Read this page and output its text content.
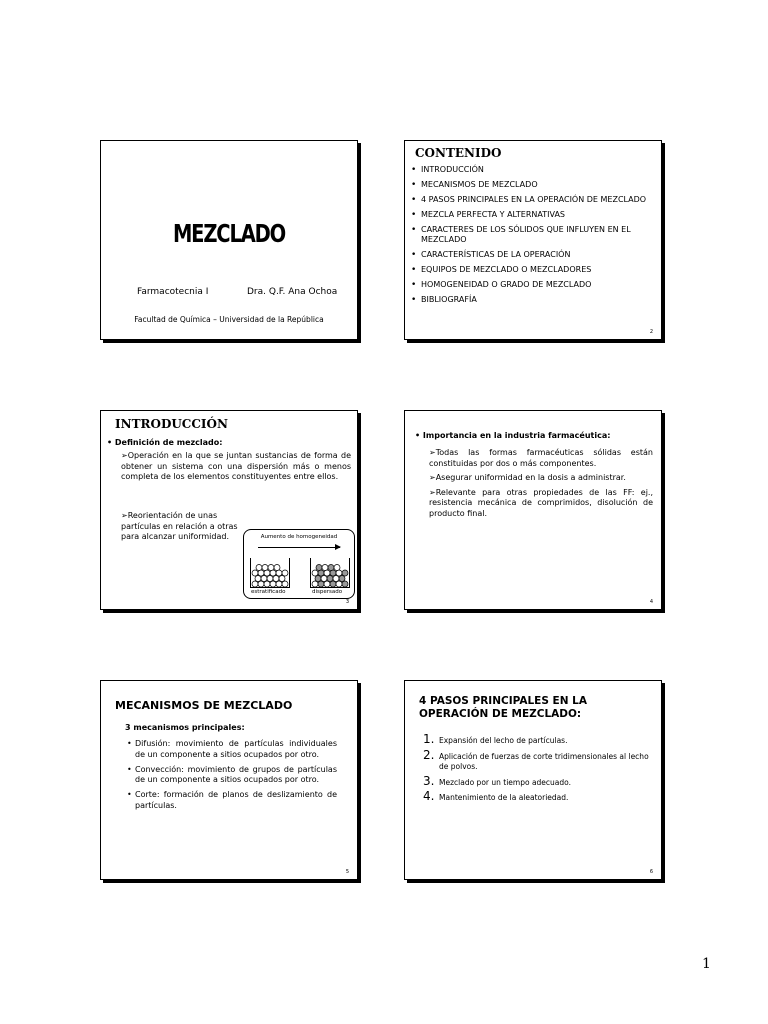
MEZCLADO
Farmacotecnia I	Dra. Q.F. Ana Ochoa
Facultad de Química – Universidad de la República
CONTENIDO
• INTRODUCCIÓN
• MECANISMOS DE MEZCLADO
• 4 PASOS PRINCIPALES EN LA OPERACIÓN DE MEZCLADO
• MEZCLA PERFECTA Y ALTERNATIVAS
• CARACTERES DE LOS SÓLIDOS QUE INFLUYEN EN EL MEZCLADO
• CARACTERÍSTICAS DE LA OPERACIÓN
• EQUIPOS DE MEZCLADO O MEZCLADORES
• HOMOGENEIDAD O GRADO DE MEZCLADO
• BIBLIOGRAFÍA
2
INTRODUCCIÓN
• Definición de mezclado:
➢Operación en la que se juntan sustancias de forma de obtener un sistema con una dispersión más o menos completa de los elementos constituyentes entre ellos.
➢Reorientación de unas partículas en relación a otras para alcanzar uniformidad.	Aumento de homogeneidad
estratificado	dispersado
3
• Importancia en la industria farmacéutica:
➢Todas las formas farmacéuticas sólidas están constituidas por dos o más componentes.
➢Asegurar uniformidad en la dosis a administrar.
➢Relevante para otras propiedades de las FF: ej., resistencia mecánica de comprimidos, disolución de producto final.
4
MECANISMOS DE MEZCLADO
3 mecanismos principales:
• Difusión: movimiento de partículas individuales de un componente a sitios ocupados por otro.
• Convección: movimiento de grupos de partículas de un componente a sitios ocupados por otro.
• Corte: formación de planos de deslizamiento de partículas.
5
4 PASOS PRINCIPALES EN LA
OPERACIÓN DE MEZCLADO:
1. Expansión del lecho de partículas.
2. Aplicación de fuerzas de corte tridimensionales al lecho de polvos.
3. Mezclado por un tiempo adecuado.
4. Mantenimiento de la aleatoriedad.
6
1
